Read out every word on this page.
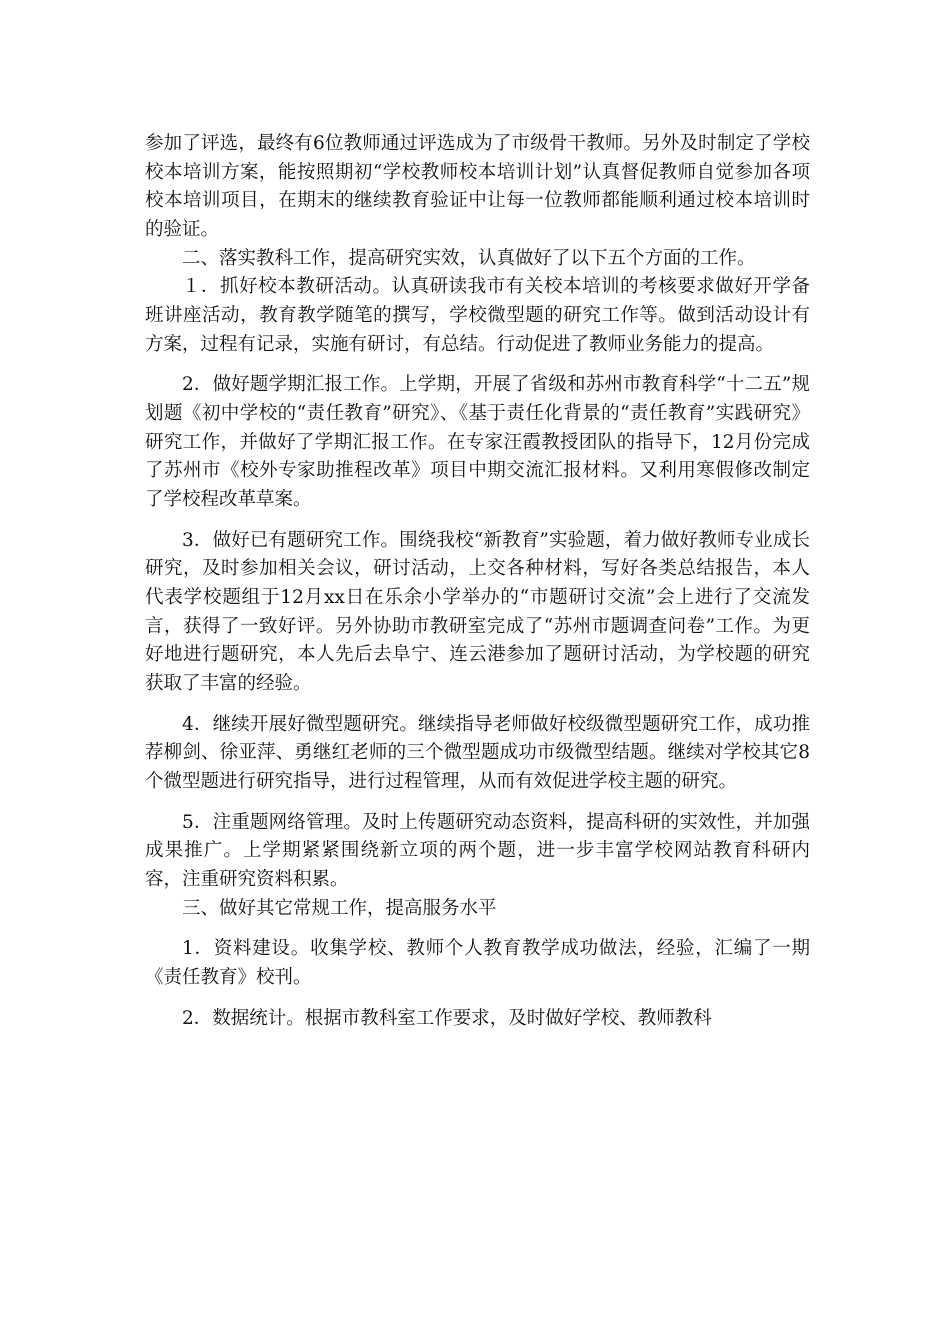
参加了评选，最终有6位教师通过评选成为了市级骨干教师。另外及时制定了学校校本培训方案，能按照期初“学校教师校本培训计划”认真督促教师自觉参加各项校本培训项目，在期末的继续教育验证中让每一位教师都能顺利通过校本培训时的验证。

二、落实教科工作，提高研究实效，认真做好了以下五个方面的工作。

１．抓好校本教研活动。认真研读我市有关校本培训的考核要求做好开学备班讲座活动，教育教学随笔的撰写，学校微型题的研究工作等。做到活动设计有方案，过程有记录，实施有研讨，有总结。行动促进了教师业务能力的提高。

2．做好题学期汇报工作。上学期，开展了省级和苏州市教育科学“十二五”规划题《初中学校的“责任教育”研究》、《基于责任化背景的“责任教育”实践研究》研究工作，并做好了学期汇报工作。在专家汪霞教授团队的指导下，12月份完成了苏州市《校外专家助推程改革》项目中期交流汇报材料。又利用寒假修改制定了学校程改革草案。

3．做好已有题研究工作。围绕我校“新教育”实验题，着力做好教师专业成长研究，及时参加相关会议，研讨活动，上交各种材料，写好各类总结报告，本人代表学校题组于12月xx日在乐余小学举办的“市题研讨交流”会上进行了交流发言，获得了一致好评。另外协助市教研室完成了“苏州市题调查问卷”工作。为更好地进行题研究，本人先后去阜宁、连云港参加了题研讨活动，为学校题的研究获取了丰富的经验。

4．继续开展好微型题研究。继续指导老师做好校级微型题研究工作，成功推荐柳剑、徐亚萍、勇继红老师的三个微型题成功市级微型结题。继续对学校其它8个微型题进行研究指导，进行过程管理，从而有效促进学校主题的研究。

5．注重题网络管理。及时上传题研究动态资料，提高科研的实效性，并加强成果推广。上学期紧紧围绕新立项的两个题，进一步丰富学校网站教育科研内容，注重研究资料积累。

三、做好其它常规工作，提高服务水平

1．资料建设。收集学校、教师个人教育教学成功做法，经验，汇编了一期《责任教育》校刊。

2．数据统计。根据市教科室工作要求，及时做好学校、教师教科
